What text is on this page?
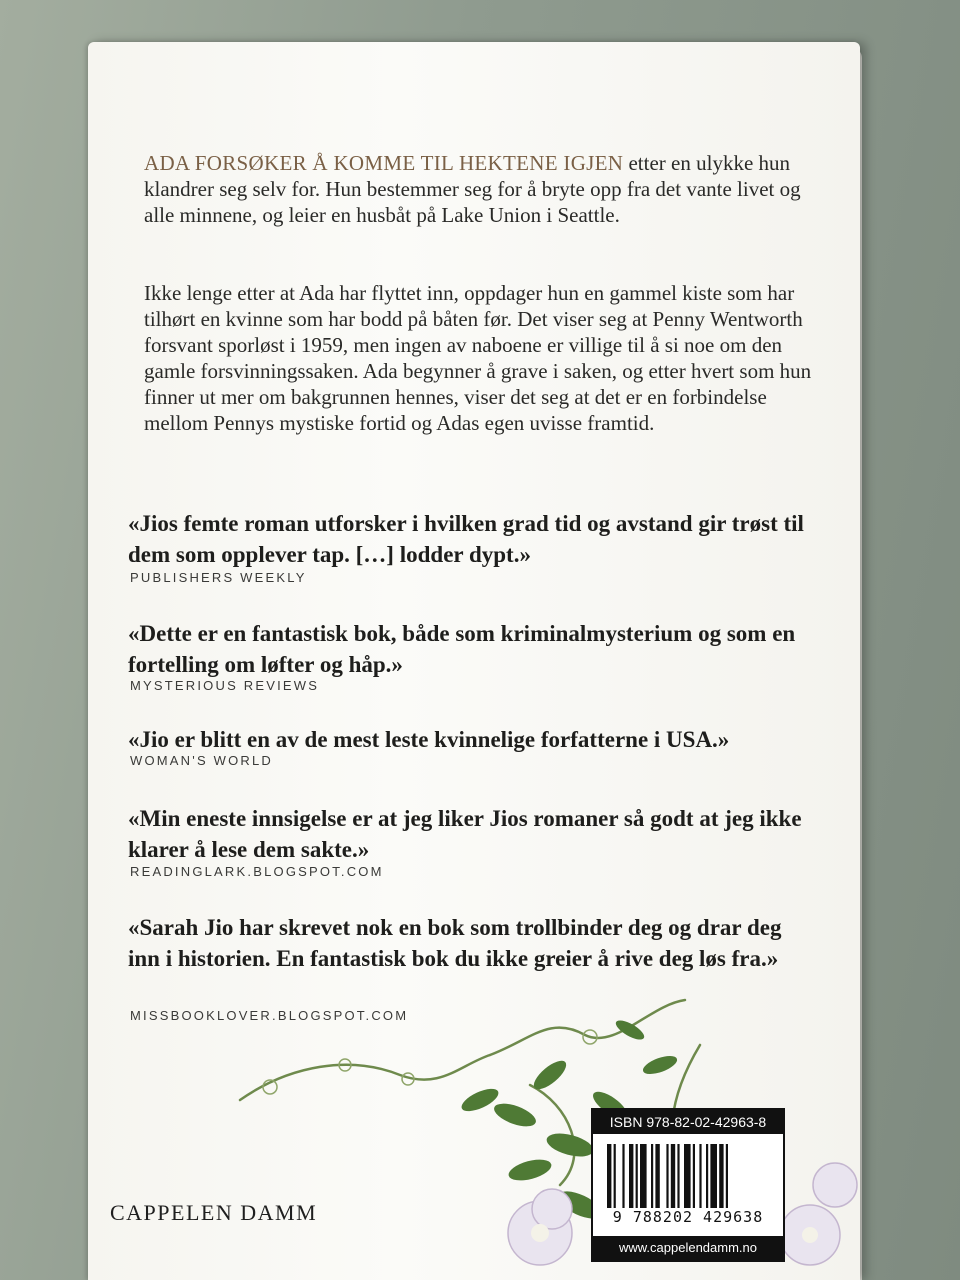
ADA FORSØKER Å KOMME TIL HEKTENE IGJEN etter en ulykke hun klandrer seg selv for. Hun bestemmer seg for å bryte opp fra det vante livet og alle minnene, og leier en husbåt på Lake Union i Seattle.

Ikke lenge etter at Ada har flyttet inn, oppdager hun en gammel kiste som har tilhørt en kvinne som har bodd på båten før. Det viser seg at Penny Wentworth forsvant sporløst i 1959, men ingen av naboene er villige til å si noe om den gamle forsvinningssaken. Ada begynner å grave i saken, og etter hvert som hun finner ut mer om bakgrunnen hennes, viser det seg at det er en forbindelse mellom Pennys mystiske fortid og Adas egen uvisse framtid.

«Jios femte roman utforsker i hvilken grad tid og avstand gir trøst til dem som opplever tap. […] lodder dypt.»

PUBLISHERS WEEKLY

«Dette er en fantastisk bok, både som kriminalmysterium og som en fortelling om løfter og håp.»

MYSTERIOUS REVIEWS

«Jio er blitt en av de mest leste kvinnelige forfatterne i USA.»

WOMAN'S WORLD

«Min eneste innsigelse er at jeg liker Jios romaner så godt at jeg ikke klarer å lese dem sakte.»

READINGLARK.BLOGSPOT.COM

«Sarah Jio har skrevet nok en bok som trollbinder deg og drar deg inn i historien. En fantastisk bok du ikke greier å rive deg løs fra.»

MISSBOOKLOVER.BLOGSPOT.COM

CAPPELEN DAMM
ISBN 978-82-02-42963-8
9 788202 429638
www.cappelendamm.no
